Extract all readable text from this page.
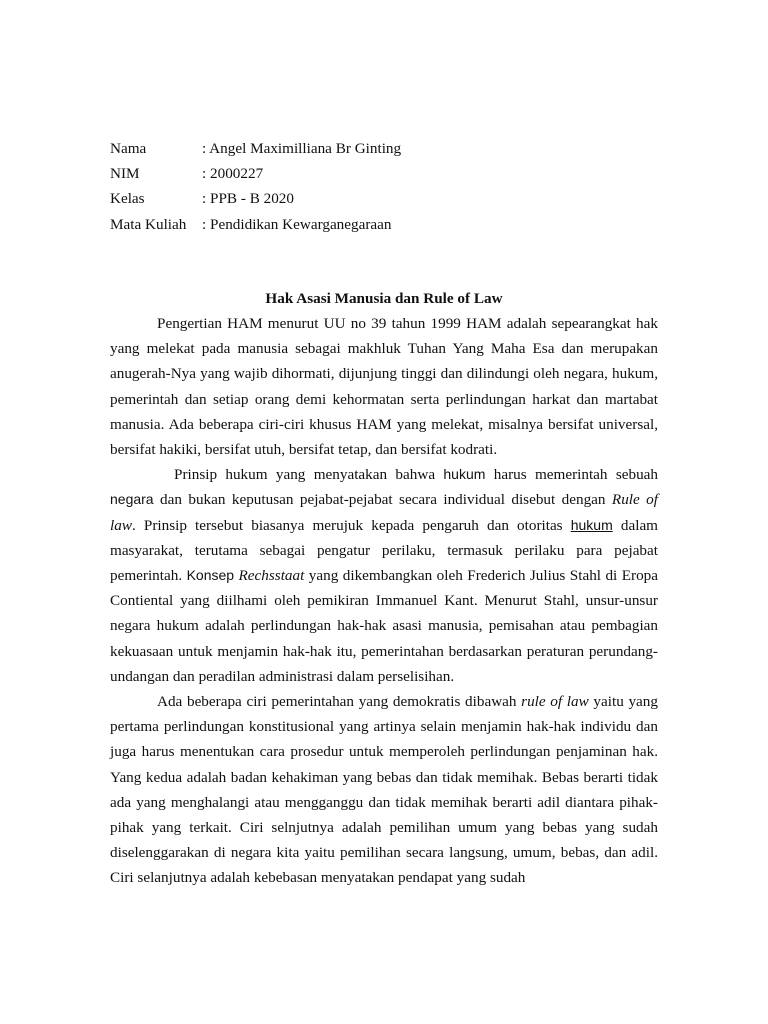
Nama	: Angel Maximilliana Br Ginting
NIM	: 2000227
Kelas	: PPB - B 2020
Mata Kuliah	: Pendidikan Kewarganegaraan
Hak Asasi Manusia dan Rule of Law

Pengertian HAM menurut UU no 39 tahun 1999 HAM adalah sepearangkat hak yang melekat pada manusia sebagai makhluk Tuhan Yang Maha Esa dan merupakan anugerah-Nya yang wajib dihormati, dijunjung tinggi dan dilindungi oleh negara, hukum, pemerintah dan setiap orang demi kehormatan serta perlindungan harkat dan martabat manusia. Ada beberapa ciri-ciri khusus HAM yang melekat, misalnya bersifat universal, bersifat hakiki, bersifat utuh, bersifat tetap, dan bersifat kodrati.

Prinsip hukum yang menyatakan bahwa hukum harus memerintah sebuah negara dan bukan keputusan pejabat-pejabat secara individual disebut dengan Rule of law. Prinsip tersebut biasanya merujuk kepada pengaruh dan otoritas hukum dalam masyarakat, terutama sebagai pengatur perilaku, termasuk perilaku para pejabat pemerintah. Konsep Rechsstaat yang dikembangkan oleh Frederich Julius Stahl di Eropa Contiental yang diilhami oleh pemikiran Immanuel Kant. Menurut Stahl, unsur-unsur negara hukum adalah perlindungan hak-hak asasi manusia, pemisahan atau pembagian kekuasaan untuk menjamin hak-hak itu, pemerintahan berdasarkan peraturan perundang-undangan dan peradilan administrasi dalam perselisihan.

Ada beberapa ciri pemerintahan yang demokratis dibawah rule of law yaitu yang pertama perlindungan konstitusional yang artinya selain menjamin hak-hak individu dan juga harus menentukan cara prosedur untuk memperoleh perlindungan penjaminan hak. Yang kedua adalah badan kehakiman yang bebas dan tidak memihak. Bebas berarti tidak ada yang menghalangi atau mengganggu dan tidak memihak berarti adil diantara pihak-pihak yang terkait. Ciri selnjutnya adalah pemilihan umum yang bebas yang sudah diselenggarakan di negara kita yaitu pemilihan secara langsung, umum, bebas, dan adil. Ciri selanjutnya adalah kebebasan menyatakan pendapat yang sudah
